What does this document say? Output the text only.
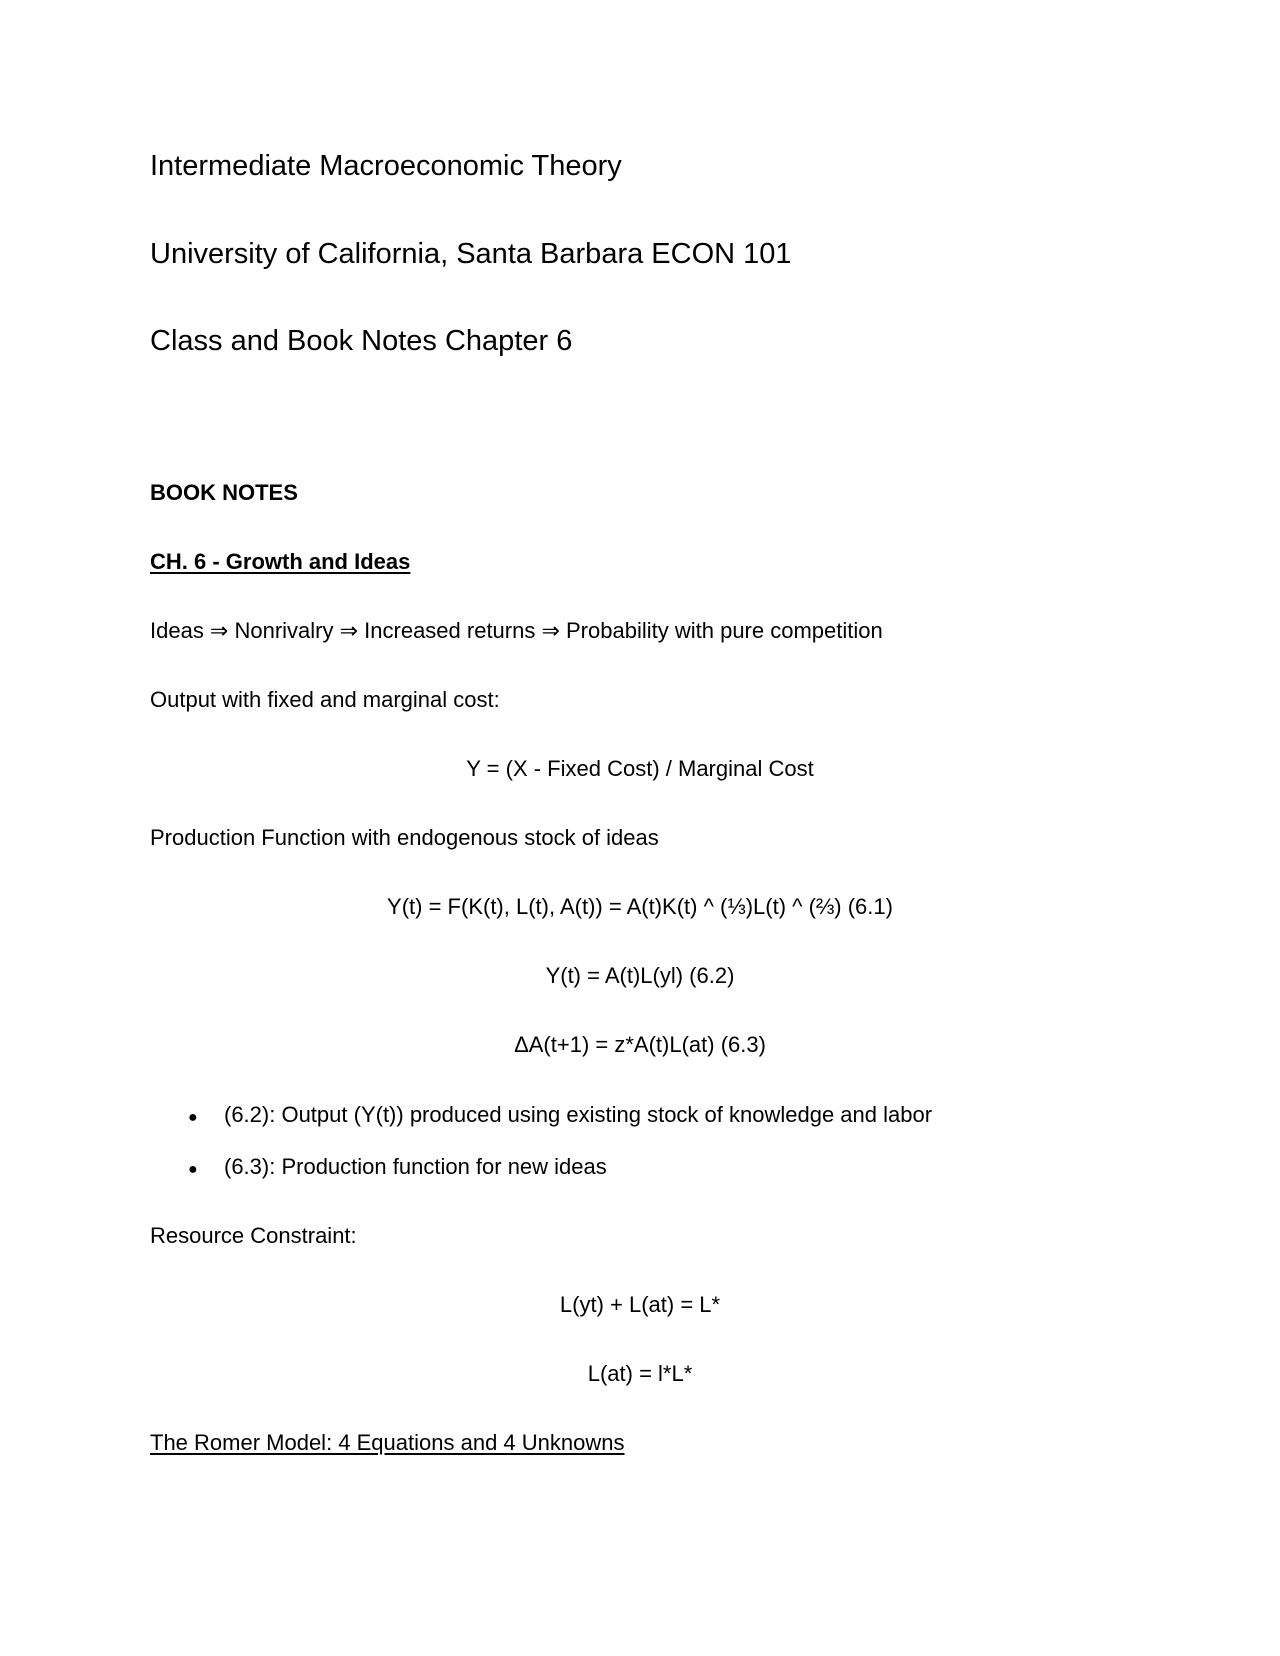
Intermediate Macroeconomic Theory
University of California, Santa Barbara ECON 101
Class and Book Notes Chapter 6
BOOK NOTES
CH. 6 - Growth and Ideas
Ideas ⇒ Nonrivalry ⇒ Increased returns ⇒ Probability with pure competition
Output with fixed and marginal cost:
Y = (X - Fixed Cost) / Marginal Cost
Production Function with endogenous stock of ideas
Y(t) = F(K(t), L(t), A(t)) = A(t)K(t) ^ (⅓)L(t) ^ (⅔) (6.1)
Y(t) = A(t)L(yl) (6.2)
ΔA(t+1) = z*A(t)L(at) (6.3)
● (6.2): Output (Y(t)) produced using existing stock of knowledge and labor
● (6.3): Production function for new ideas
Resource Constraint:
L(yt) + L(at) = L*
L(at) = l*L*
The Romer Model: 4 Equations and 4 Unknowns
